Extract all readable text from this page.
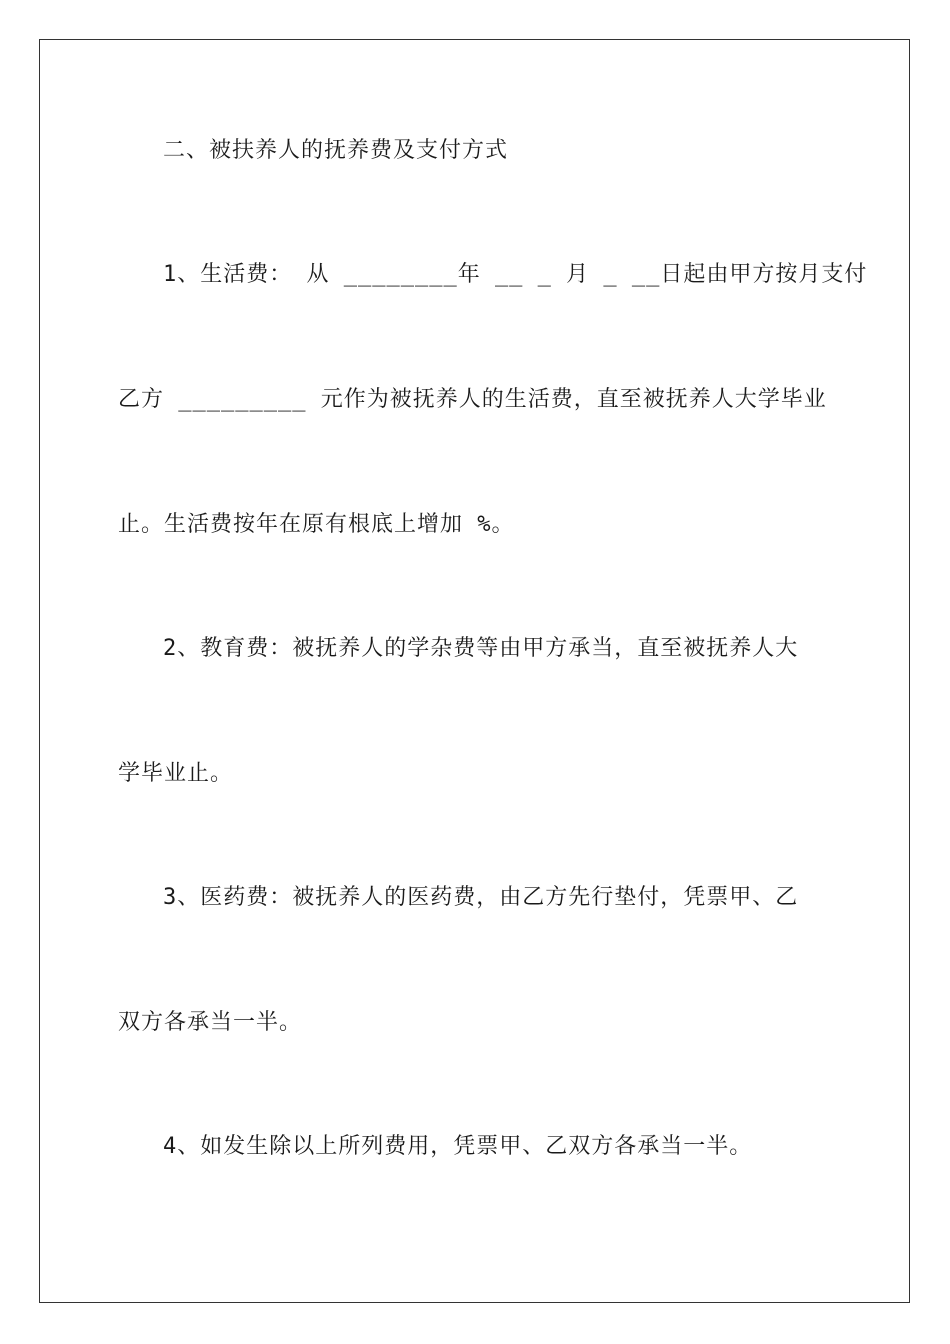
二、被扶养人的抚养费及支付方式
1、生活费： 从 ________年 __ _ 月 _ __日起由甲方按月支付
乙方 _________ 元作为被抚养人的生活费，直至被抚养人大学毕业
止。生活费按年在原有根底上增加 %。
2、教育费：被抚养人的学杂费等由甲方承当，直至被抚养人大
学毕业止。
3、医药费：被抚养人的医药费，由乙方先行垫付，凭票甲、乙
双方各承当一半。
4、如发生除以上所列费用，凭票甲、乙双方各承当一半。
